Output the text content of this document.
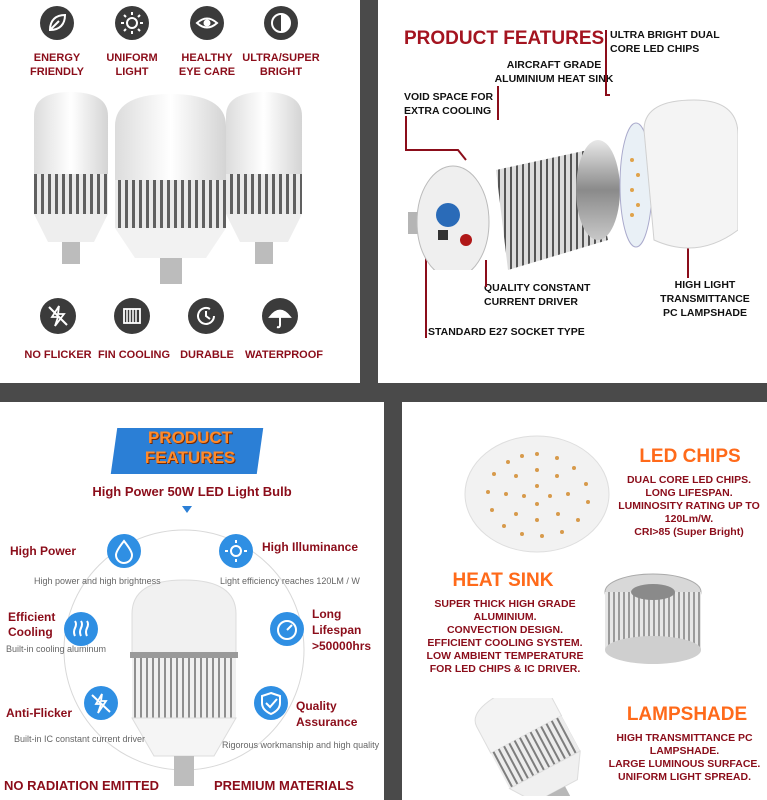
ENERGY
FRIENDLY
UNIFORM
LIGHT
HEALTHY
EYE CARE
ULTRA/SUPER
BRIGHT
NO FLICKER FIN COOLING DURABLE	WATERPROOF
PRODUCT FEATURES ULTRA BRIGHT DUAL
CORE LED CHIPS
AIRCRAFT GRADE
ALUMINIUM HEAT SINK
VOID SPACE FOR
EXTRA COOLING
QUALITY CONSTANT
CURRENT DRIVER
STANDARD E27 SOCKET TYPE
HIGH LIGHT
TRANSMITTANCE
PC LAMPSHADE
PRODUCT
FEATURES
High Power 50W LED Light Bulb
High Power
High power and high brightness
High Illuminance
Light efficiency reaches 120LM / W
Efficient
Cooling
Built-in cooling aluminum
Long
Lifespan
>50000hrs
Anti-Flicker
Built-in IC constant current driver
Quality
Assurance
Rigorous workmanship and high quality
NO RADIATION EMITTED	PREMIUM MATERIALS
LED CHIPS
DUAL CORE LED CHIPS.
LONG LIFESPAN.
LUMINOSITY RATING UP TO
120Lm/W.
CRI>85 (Super Bright)
HEAT SINK
SUPER THICK HIGH GRADE
ALUMINIUM.
CONVECTION DESIGN.
EFFICIENT COOLING SYSTEM.
LOW AMBIENT TEMPERATURE
FOR LED CHIPS & IC DRIVER.
LAMPSHADE
HIGH TRANSMITTANCE PC
LAMPSHADE.
LARGE LUMINOUS SURFACE.
UNIFORM LIGHT SPREAD.
